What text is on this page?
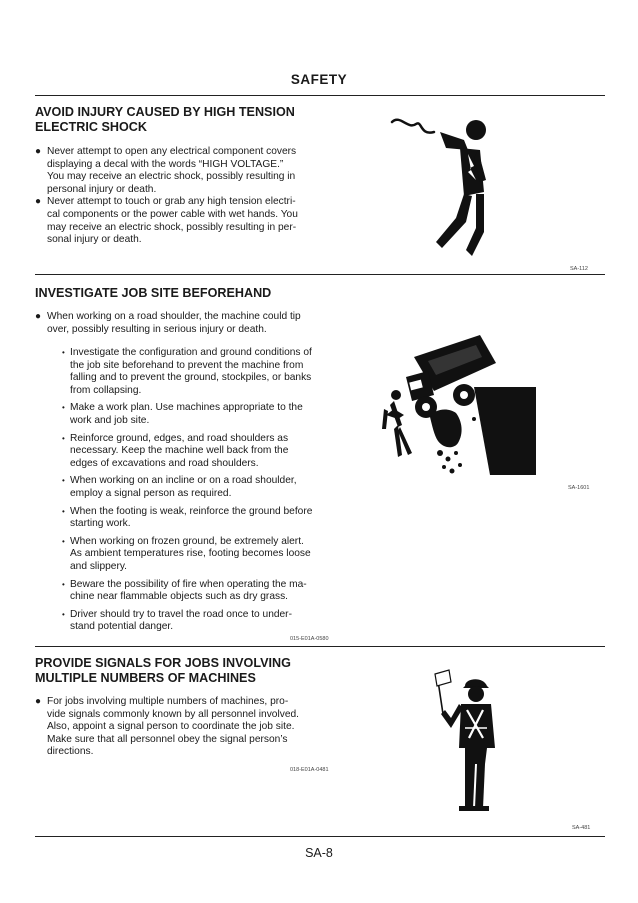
SAFETY
AVOID INJURY CAUSED BY HIGH TENSION
ELECTRIC SHOCK
● Never attempt to open any electrical component covers
displaying a decal with the words “HIGH VOLTAGE.”
You may receive an electric shock, possibly resulting in
personal injury or death.
● Never attempt to touch or grab any high tension electri-
cal components or the power cable with wet hands. You
may receive an electric shock, possibly resulting in per-
sonal injury or death.
SA-112
INVESTIGATE JOB SITE BEFOREHAND
● When working on a road shoulder, the machine could tip
over, possibly resulting in serious injury or death.
• Investigate the configuration and ground conditions of
the job site beforehand to prevent the machine from
falling and to prevent the ground, stockpiles, or banks
from collapsing.
• Make a work plan. Use machines appropriate to the
work and job site.
• Reinforce ground, edges, and road shoulders as
necessary. Keep the machine well back from the
edges of excavations and road shoulders.
• When working on an incline or on a road shoulder,
employ a signal person as required.
• When the footing is weak, reinforce the ground before
starting work.
• When working on frozen ground, be extremely alert.
As ambient temperatures rise, footing becomes loose
and slippery.
• Beware the possibility of fire when operating the ma-
chine near flammable objects such as dry grass.
• Driver should try to travel the road once to under-
stand potential danger.
015-E01A-0580
SA-1601
PROVIDE SIGNALS FOR JOBS INVOLVING
MULTIPLE NUMBERS OF MACHINES
● For jobs involving multiple numbers of machines, pro-
vide signals commonly known by all personnel involved.
Also, appoint a signal person to coordinate the job site.
Make sure that all personnel obey the signal person’s
directions.
018-E01A-0481
SA-481
SA-8
